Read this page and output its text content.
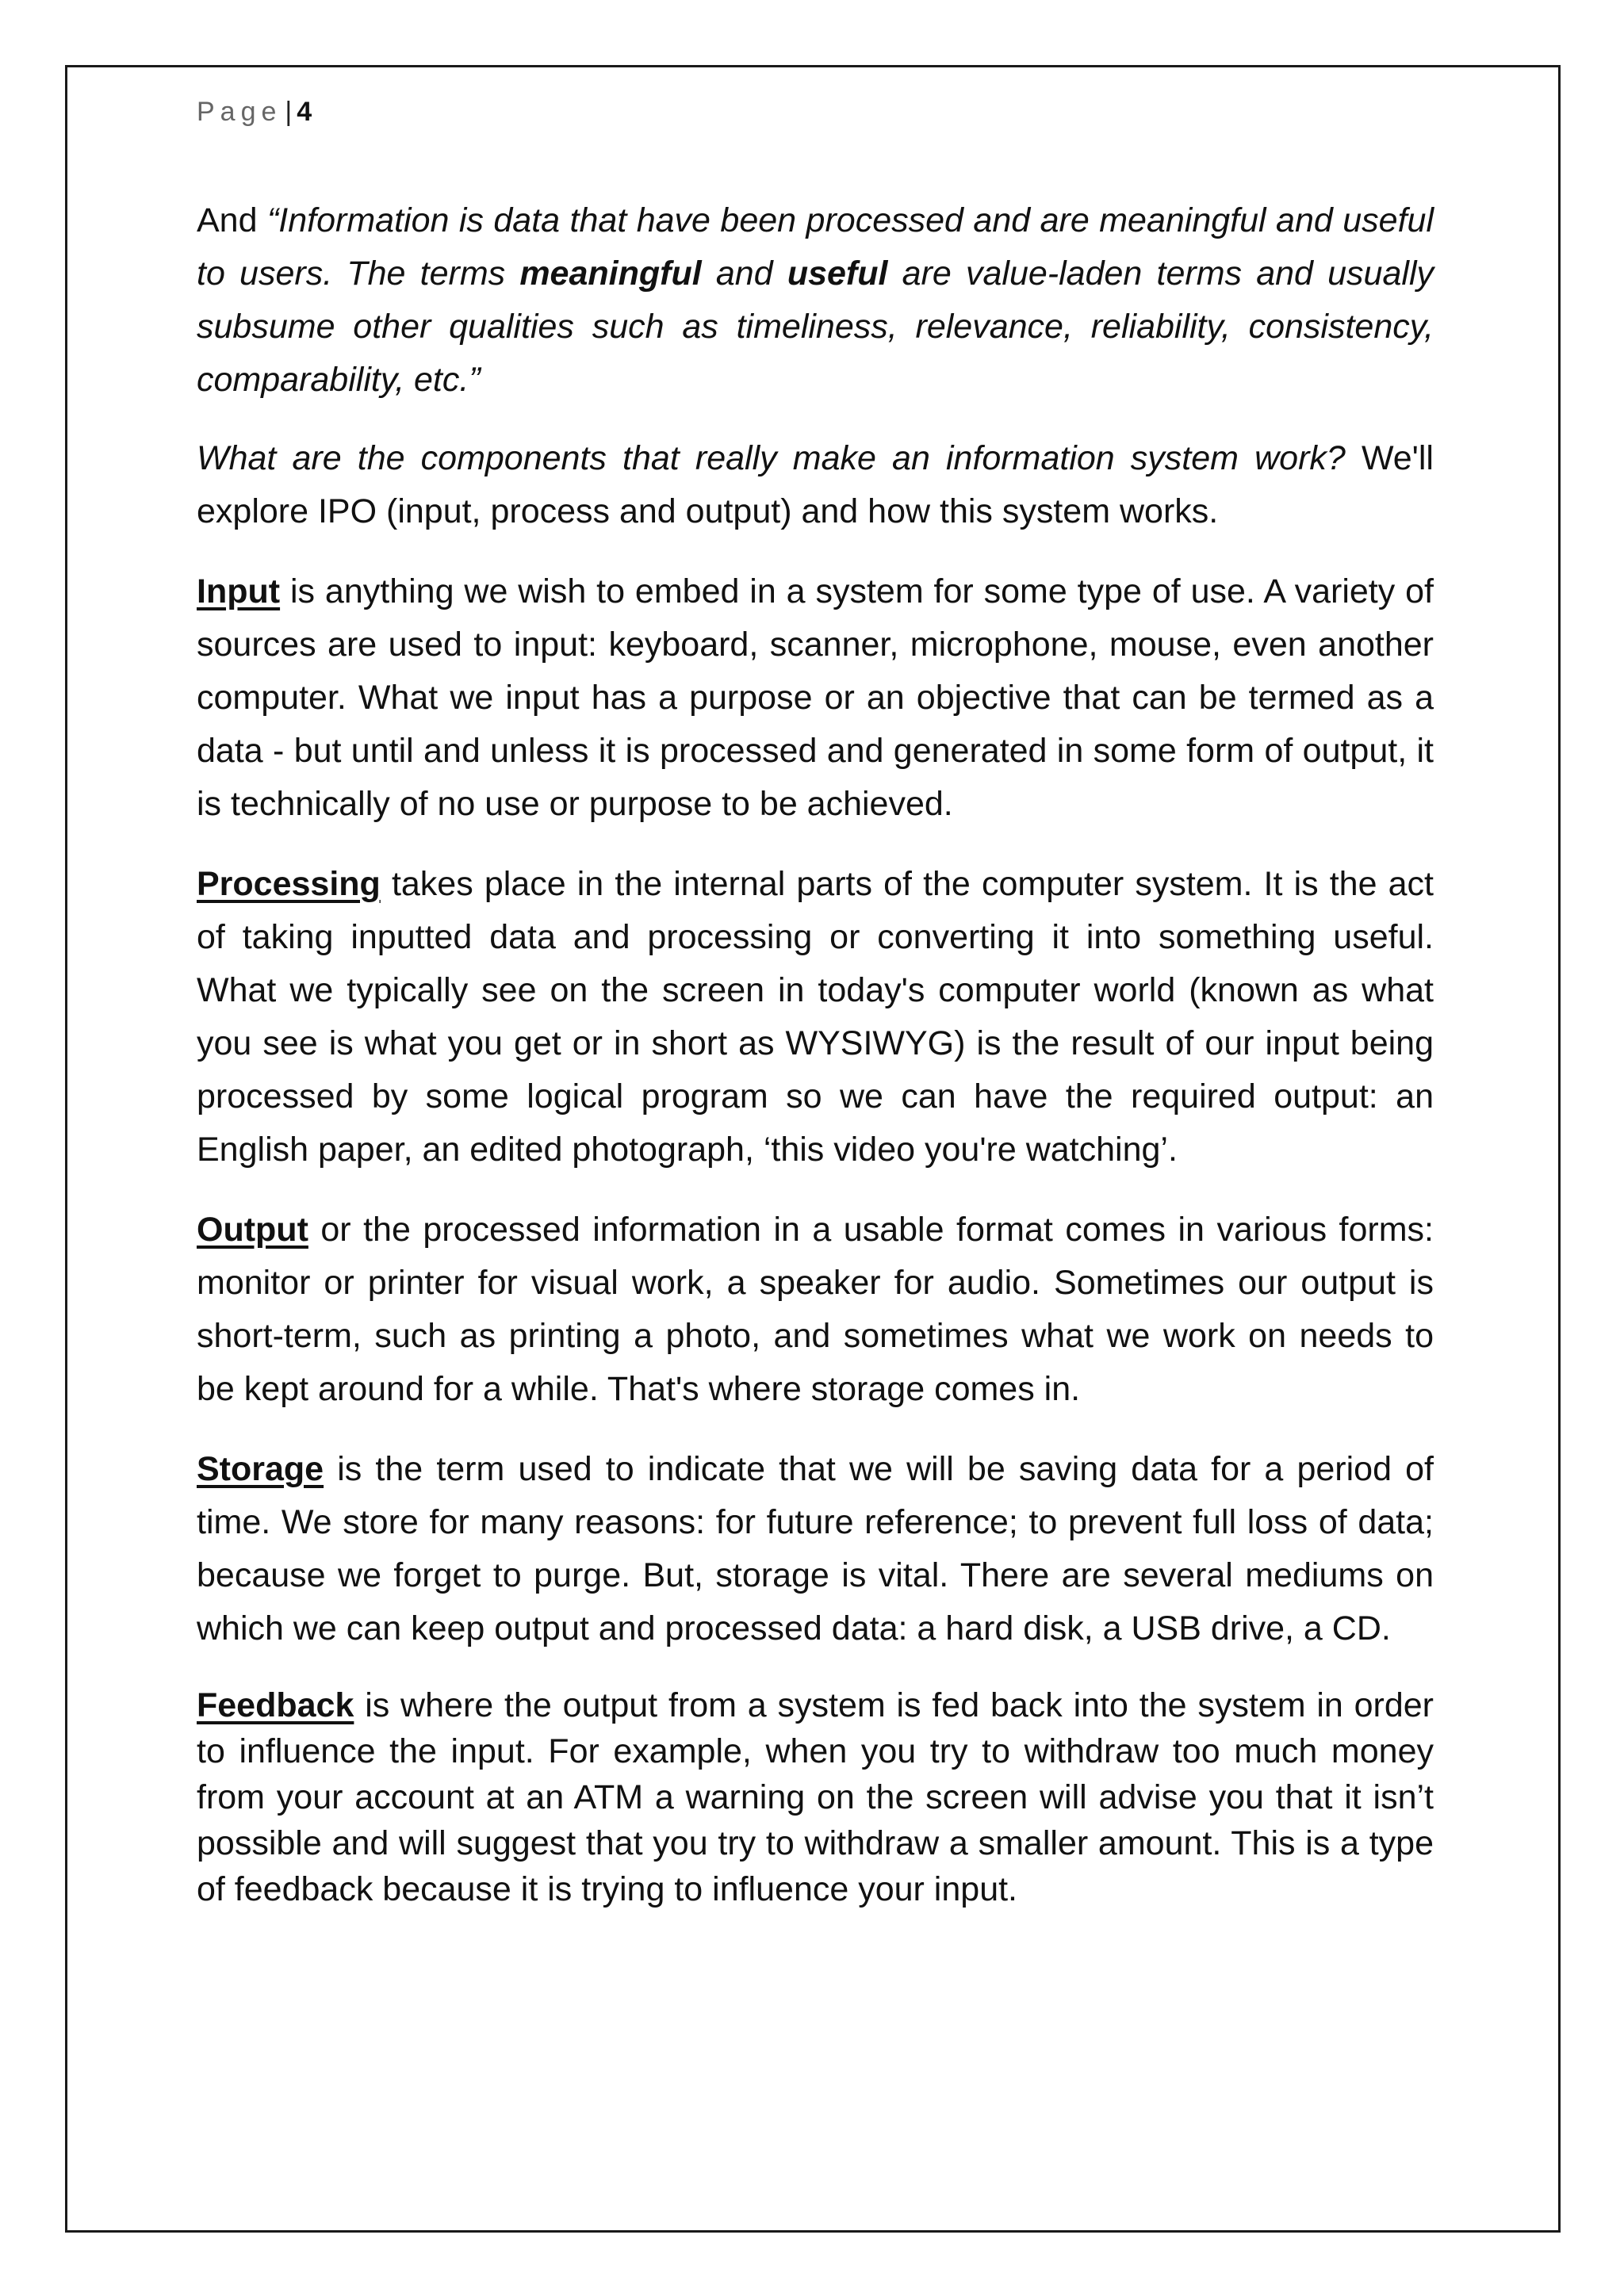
Page | 4

And “Information is data that have been processed and are meaningful and useful to users. The terms meaningful and useful are value-laden terms and usually subsume other qualities such as timeliness, relevance, reliability, consistency, comparability, etc.”

What are the components that really make an information system work? We'll explore IPO (input, process and output) and how this system works.

Input is anything we wish to embed in a system for some type of use. A variety of sources are used to input: keyboard, scanner, microphone, mouse, even another computer. What we input has a purpose or an objective that can be termed as a data - but until and unless it is processed and generated in some form of output, it is technically of no use or purpose to be achieved.

Processing takes place in the internal parts of the computer system. It is the act of taking inputted data and processing or converting it into something useful. What we typically see on the screen in today's computer world (known as what you see is what you get or in short as WYSIWYG) is the result of our input being processed by some logical program so we can have the required output: an English paper, an edited photograph, ‘this video you're watching’.

Output or the processed information in a usable format comes in various forms: monitor or printer for visual work, a speaker for audio. Sometimes our output is short-term, such as printing a photo, and sometimes what we work on needs to be kept around for a while. That's where storage comes in.

Storage is the term used to indicate that we will be saving data for a period of time. We store for many reasons: for future reference; to prevent full loss of data; because we forget to purge. But, storage is vital. There are several mediums on which we can keep output and processed data: a hard disk, a USB drive, a CD.

Feedback is where the output from a system is fed back into the system in order to influence the input. For example, when you try to withdraw too much money from your account at an ATM a warning on the screen will advise you that it isn’t possible and will suggest that you try to withdraw a smaller amount. This is a type of feedback because it is trying to influence your input.
